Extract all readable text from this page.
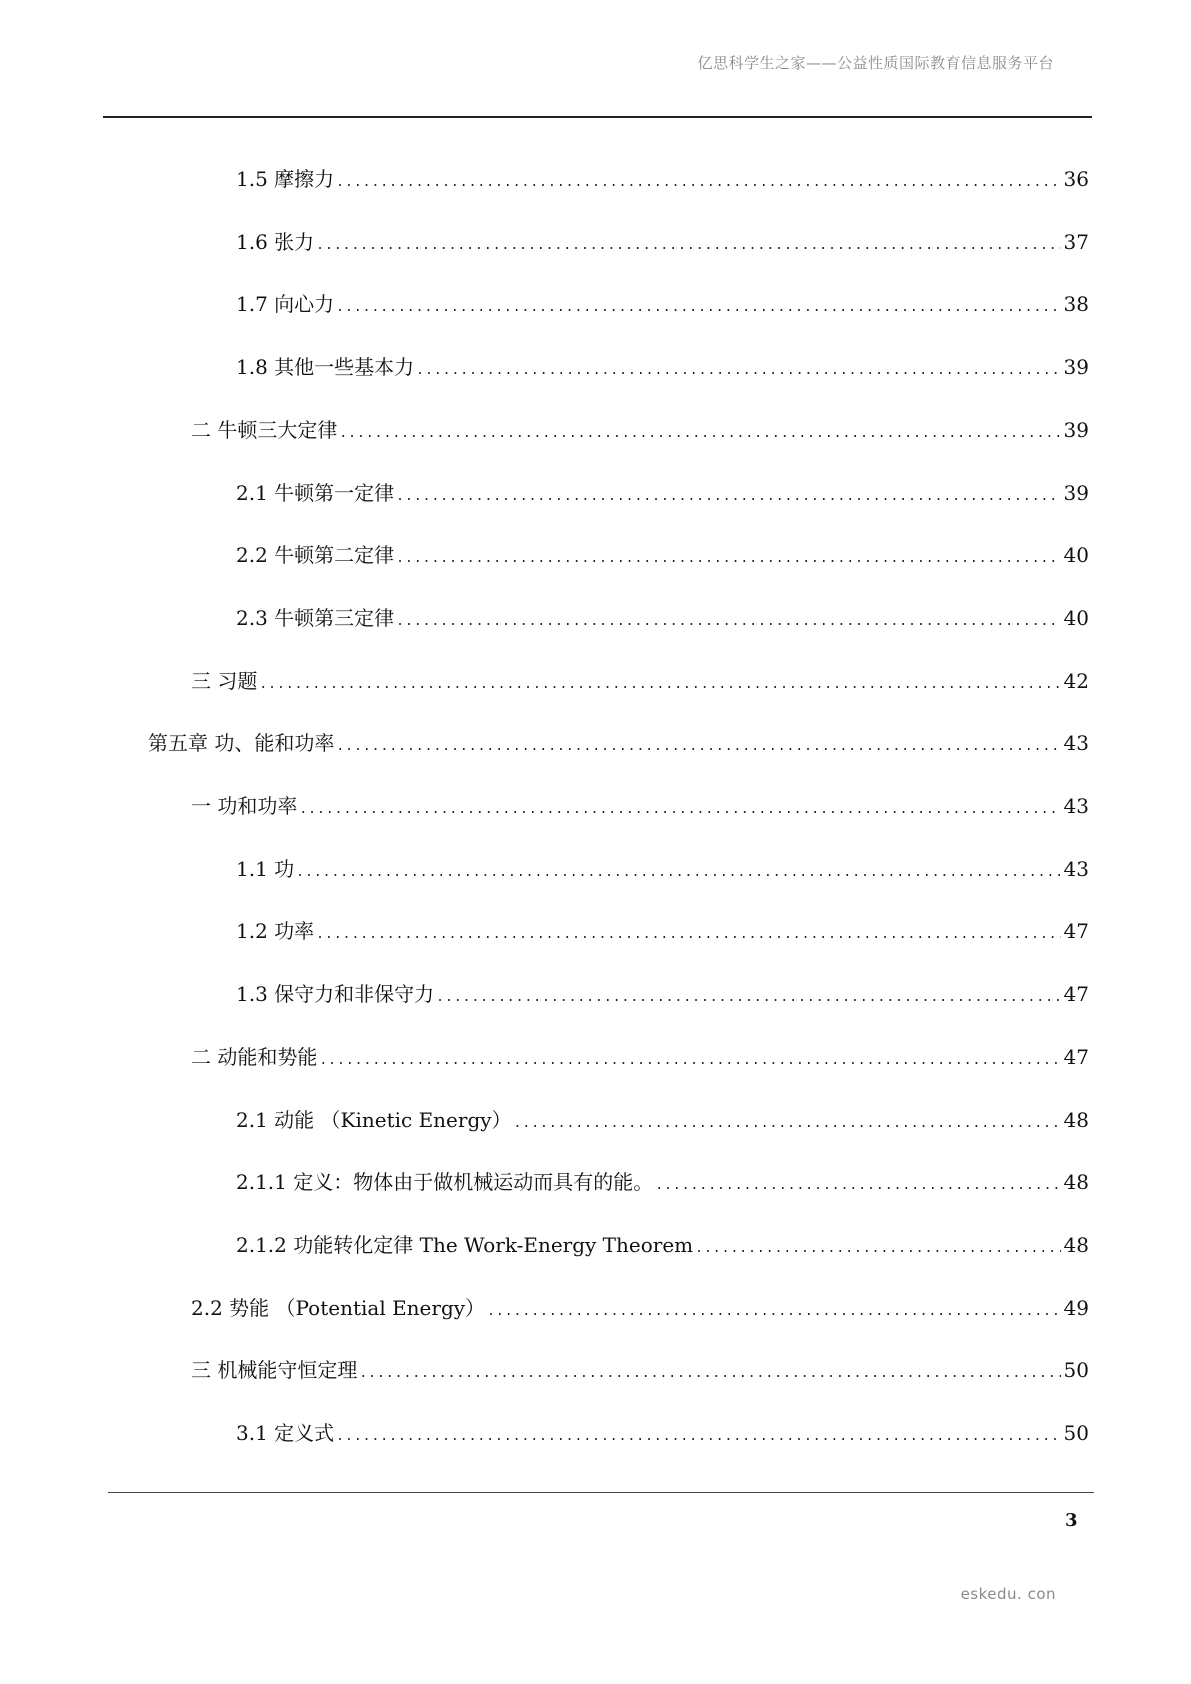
亿思科学生之家——公益性质国际教育信息服务平台
1.5 摩擦力 .....	36
1.6 张力 .....	37
1.7 向心力 .....	38
1.8 其他一些基本力 .....	39
二 牛顿三大定律 .....	39
2.1 牛顿第一定律 .....	39
2.2 牛顿第二定律 .....	40
2.3 牛顿第三定律 .....	40
三 习题 .....	42
第五章 功、能和功率 .....	43
一 功和功率 .....	43
1.1 功 .....	43
1.2 功率 .....	47
1.3 保守力和非保守力 .....	47
二 动能和势能 .....	47
2.1 动能 （Kinetic Energy） .....	48
2.1.1 定义：物体由于做机械运动而具有的能。 .....	48
2.1.2 功能转化定律 The Work-Energy Theorem .....	48
2.2 势能 （Potential Energy） .....	49
三 机械能守恒定理 .....	50
3.1 定义式 .....	50
3
eskedu. con
